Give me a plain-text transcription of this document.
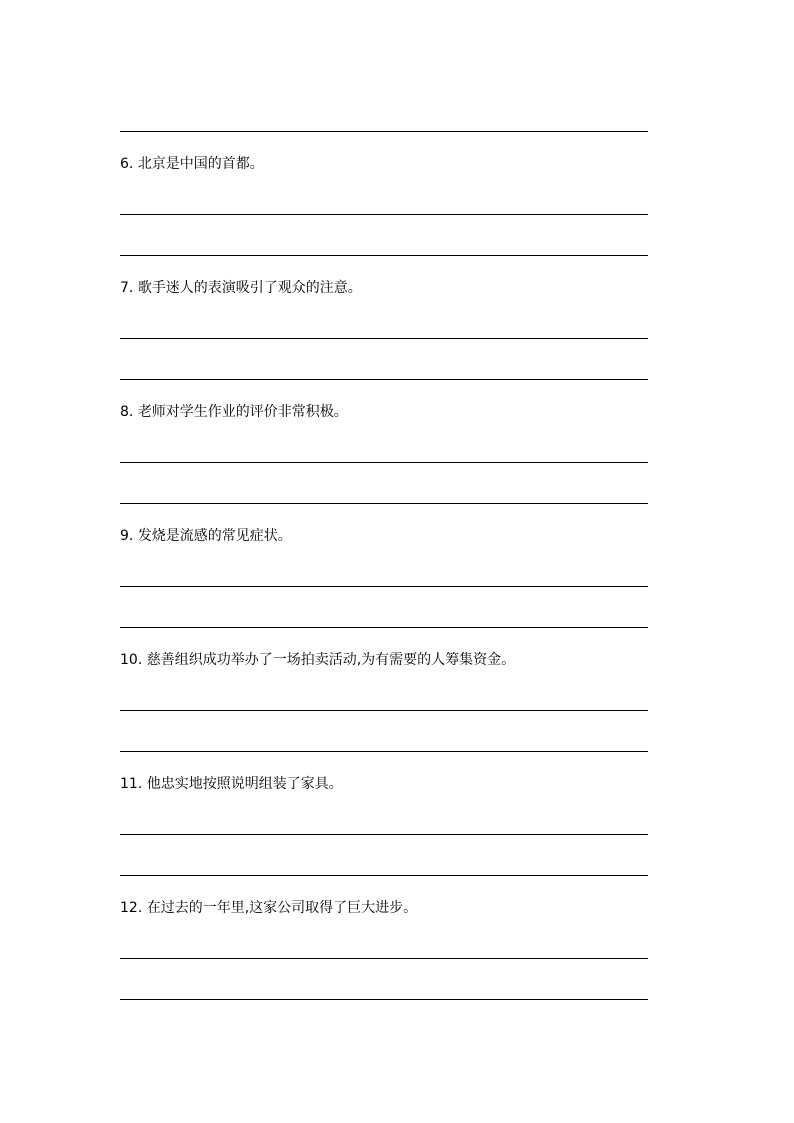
6. 北京是中国的首都。
7. 歌手迷人的表演吸引了观众的注意。
8. 老师对学生作业的评价非常积极。
9. 发烧是流感的常见症状。
10. 慈善组织成功举办了一场拍卖活动,为有需要的人筹集资金。
11. 他忠实地按照说明组装了家具。
12. 在过去的一年里,这家公司取得了巨大进步。
